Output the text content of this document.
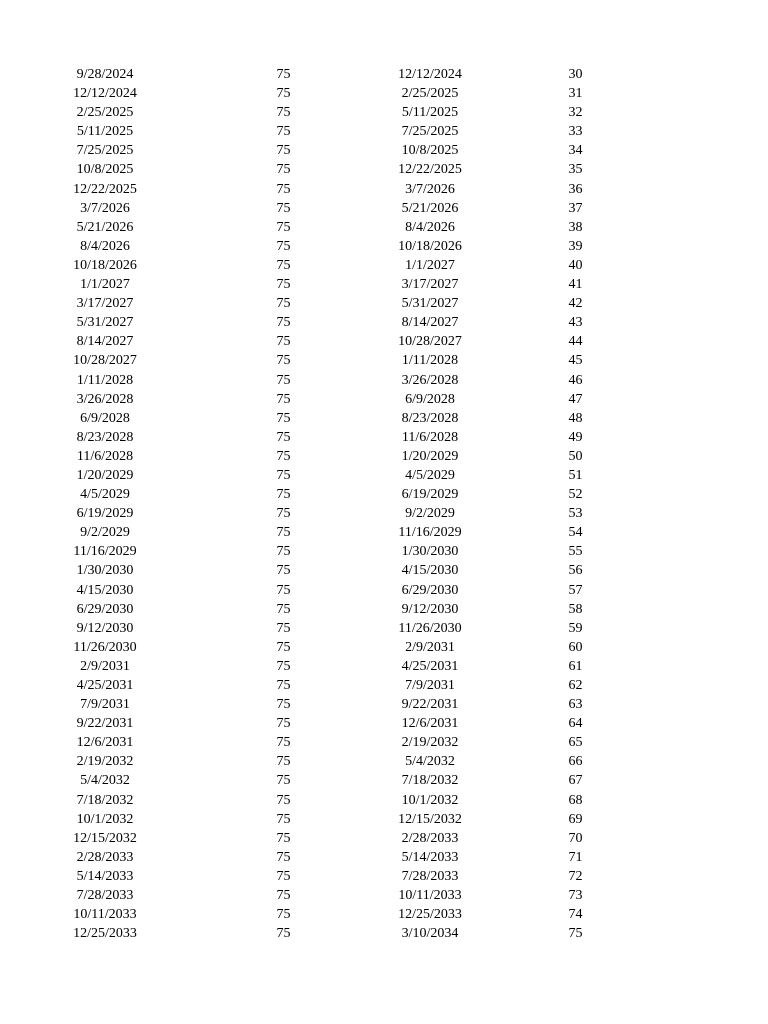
9/28/2024	75	12/12/2024	30
12/12/2024	75	2/25/2025	31
2/25/2025	75	5/11/2025	32
5/11/2025	75	7/25/2025	33
7/25/2025	75	10/8/2025	34
10/8/2025	75	12/22/2025	35
12/22/2025	75	3/7/2026	36
3/7/2026	75	5/21/2026	37
5/21/2026	75	8/4/2026	38
8/4/2026	75	10/18/2026	39
10/18/2026	75	1/1/2027	40
1/1/2027	75	3/17/2027	41
3/17/2027	75	5/31/2027	42
5/31/2027	75	8/14/2027	43
8/14/2027	75	10/28/2027	44
10/28/2027	75	1/11/2028	45
1/11/2028	75	3/26/2028	46
3/26/2028	75	6/9/2028	47
6/9/2028	75	8/23/2028	48
8/23/2028	75	11/6/2028	49
11/6/2028	75	1/20/2029	50
1/20/2029	75	4/5/2029	51
4/5/2029	75	6/19/2029	52
6/19/2029	75	9/2/2029	53
9/2/2029	75	11/16/2029	54
11/16/2029	75	1/30/2030	55
1/30/2030	75	4/15/2030	56
4/15/2030	75	6/29/2030	57
6/29/2030	75	9/12/2030	58
9/12/2030	75	11/26/2030	59
11/26/2030	75	2/9/2031	60
2/9/2031	75	4/25/2031	61
4/25/2031	75	7/9/2031	62
7/9/2031	75	9/22/2031	63
9/22/2031	75	12/6/2031	64
12/6/2031	75	2/19/2032	65
2/19/2032	75	5/4/2032	66
5/4/2032	75	7/18/2032	67
7/18/2032	75	10/1/2032	68
10/1/2032	75	12/15/2032	69
12/15/2032	75	2/28/2033	70
2/28/2033	75	5/14/2033	71
5/14/2033	75	7/28/2033	72
7/28/2033	75	10/11/2033	73
10/11/2033	75	12/25/2033	74
12/25/2033	75	3/10/2034	75
